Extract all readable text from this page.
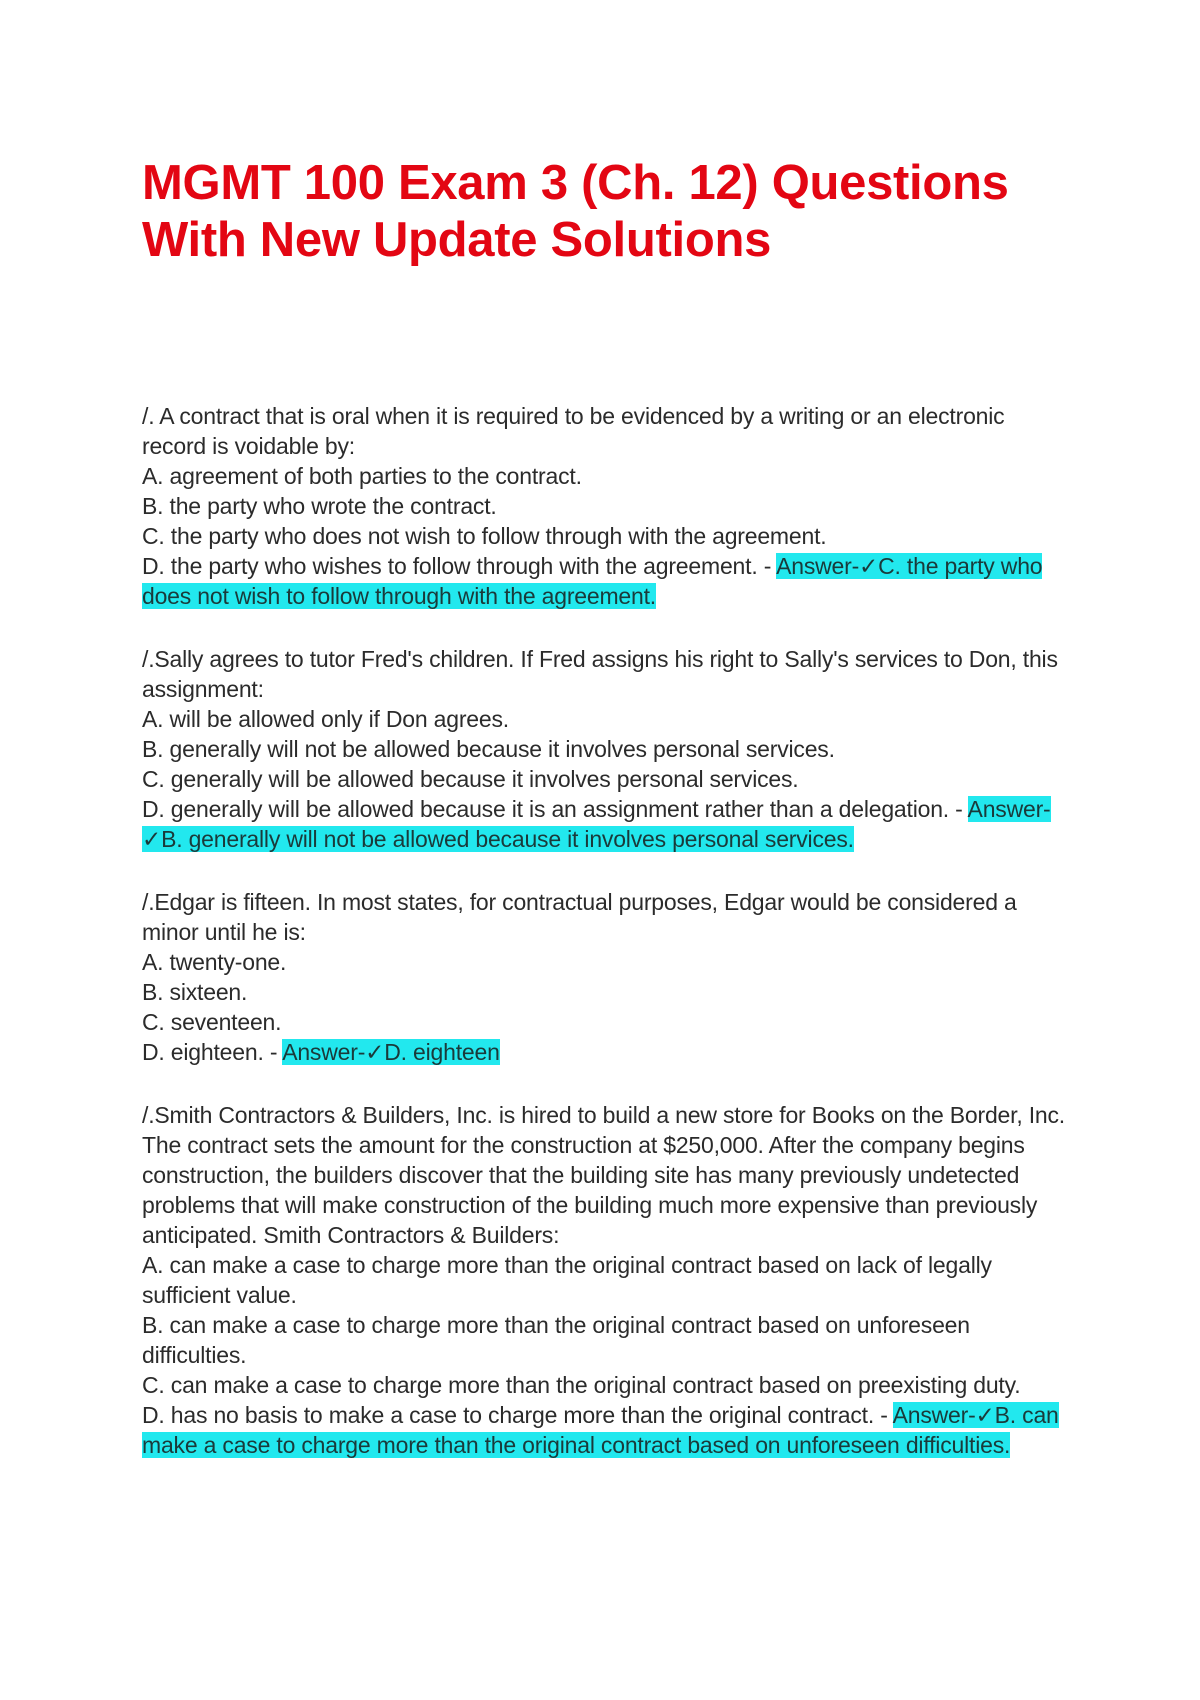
MGMT 100 Exam 3 (Ch. 12) Questions
With New Update Solutions
/. A contract that is oral when it is required to be evidenced by a writing or an electronic record is voidable by:
A. agreement of both parties to the contract.
B. the party who wrote the contract.
C. the party who does not wish to follow through with the agreement.
D. the party who wishes to follow through with the agreement. - Answer-✓C. the party who does not wish to follow through with the agreement.
/.Sally agrees to tutor Fred's children. If Fred assigns his right to Sally's services to Don, this assignment:
A. will be allowed only if Don agrees.
B. generally will not be allowed because it involves personal services.
C. generally will be allowed because it involves personal services.
D. generally will be allowed because it is an assignment rather than a delegation. - Answer-✓B. generally will not be allowed because it involves personal services.
/.Edgar is fifteen. In most states, for contractual purposes, Edgar would be considered a minor until he is:
A. twenty-one.
B. sixteen.
C. seventeen.
D. eighteen. - Answer-✓D. eighteen
/.Smith Contractors & Builders, Inc. is hired to build a new store for Books on the Border, Inc. The contract sets the amount for the construction at $250,000. After the company begins construction, the builders discover that the building site has many previously undetected problems that will make construction of the building much more expensive than previously anticipated. Smith Contractors & Builders:
A. can make a case to charge more than the original contract based on lack of legally sufficient value.
B. can make a case to charge more than the original contract based on unforeseen difficulties.
C. can make a case to charge more than the original contract based on preexisting duty.
D. has no basis to make a case to charge more than the original contract. - Answer-✓B. can make a case to charge more than the original contract based on unforeseen difficulties.
